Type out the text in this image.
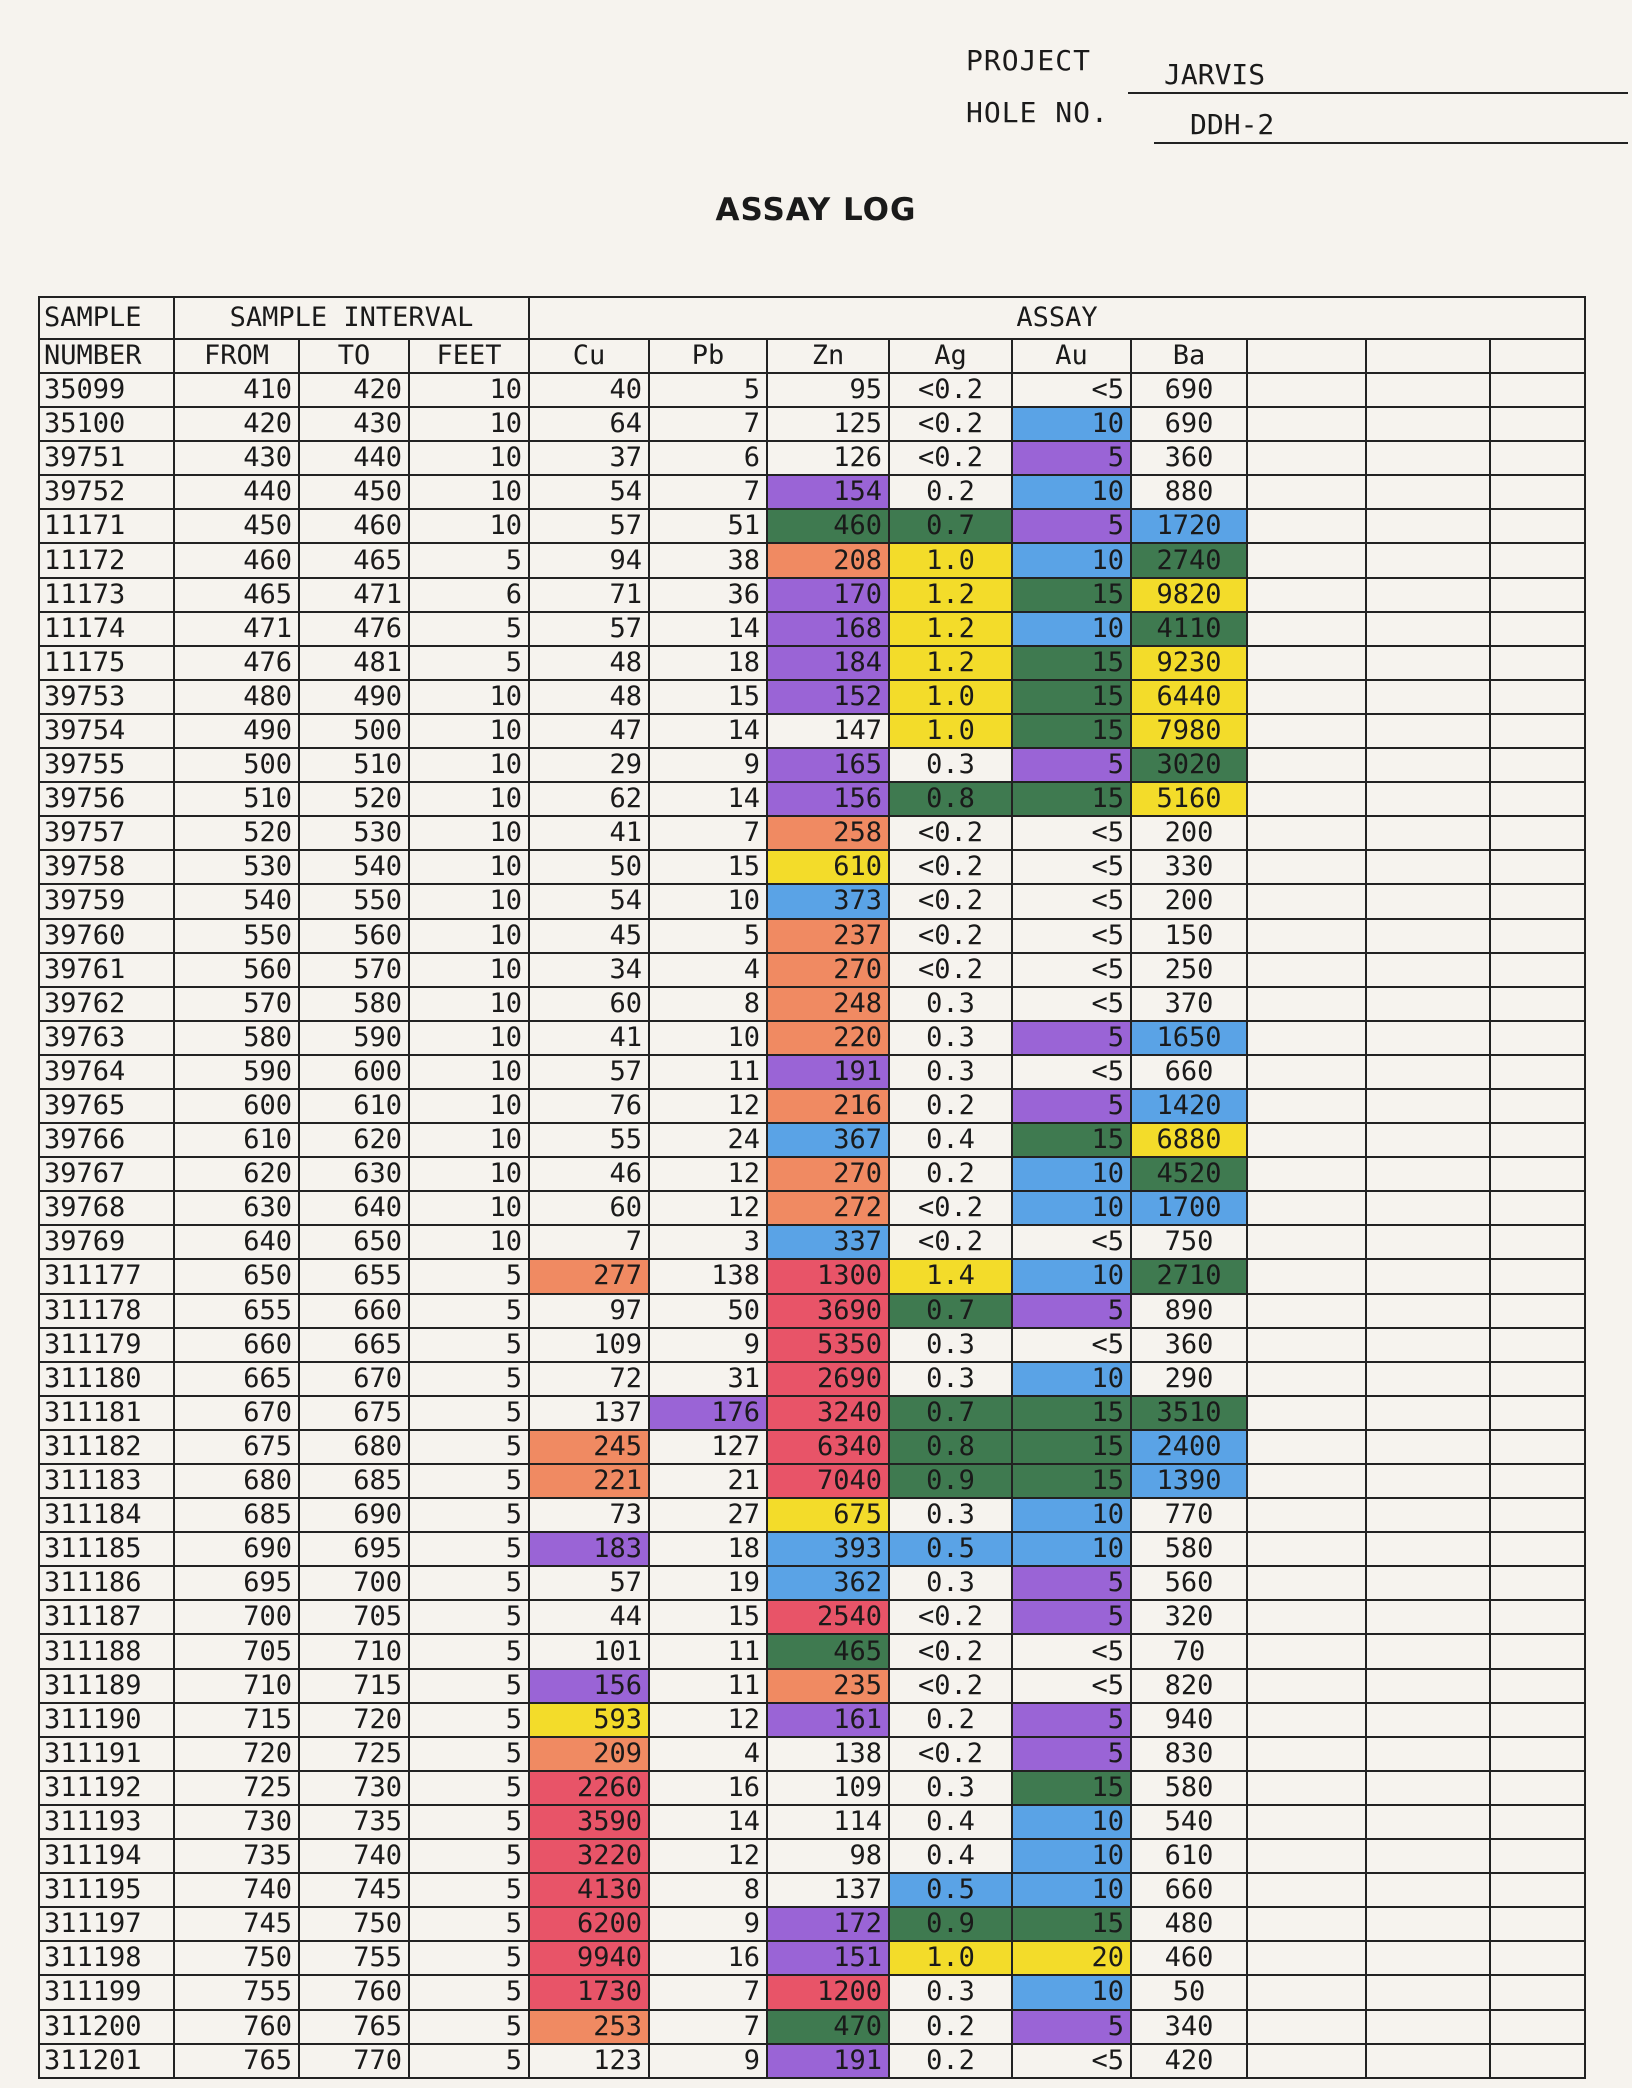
PROJECT	JARVIS
HOLE NO.	DDH-2
ASSAY LOG
SAMPLE	SAMPLE INTERVAL			ASSAY								
NUMBER	FROM	TO	FEET	Cu	Pb	Zn	Ag	Au	Ba			
35099	410	420	10	40	5	95	<0.2	<5	690			
35100	420	430	10	64	7	125	<0.2	10	690			
39751	430	440	10	37	6	126	<0.2	5	360			
39752	440	450	10	54	7	154	0.2	10	880			
11171	450	460	10	57	51	460	0.7	5	1720			
11172	460	465	5	94	38	208	1.0	10	2740			
11173	465	471	6	71	36	170	1.2	15	9820			
11174	471	476	5	57	14	168	1.2	10	4110			
11175	476	481	5	48	18	184	1.2	15	9230			
39753	480	490	10	48	15	152	1.0	15	6440			
39754	490	500	10	47	14	147	1.0	15	7980			
39755	500	510	10	29	9	165	0.3	5	3020			
39756	510	520	10	62	14	156	0.8	15	5160			
39757	520	530	10	41	7	258	<0.2	<5	200			
39758	530	540	10	50	15	610	<0.2	<5	330			
39759	540	550	10	54	10	373	<0.2	<5	200			
39760	550	560	10	45	5	237	<0.2	<5	150			
39761	560	570	10	34	4	270	<0.2	<5	250			
39762	570	580	10	60	8	248	0.3	<5	370			
39763	580	590	10	41	10	220	0.3	5	1650			
39764	590	600	10	57	11	191	0.3	<5	660			
39765	600	610	10	76	12	216	0.2	5	1420			
39766	610	620	10	55	24	367	0.4	15	6880			
39767	620	630	10	46	12	270	0.2	10	4520			
39768	630	640	10	60	12	272	<0.2	10	1700			
39769	640	650	10	7	3	337	<0.2	<5	750			
311177	650	655	5	277	138	1300	1.4	10	2710			
311178	655	660	5	97	50	3690	0.7	5	890			
311179	660	665	5	109	9	5350	0.3	<5	360			
311180	665	670	5	72	31	2690	0.3	10	290			
311181	670	675	5	137	176	3240	0.7	15	3510			
311182	675	680	5	245	127	6340	0.8	15	2400			
311183	680	685	5	221	21	7040	0.9	15	1390			
311184	685	690	5	73	27	675	0.3	10	770			
311185	690	695	5	183	18	393	0.5	10	580			
311186	695	700	5	57	19	362	0.3	5	560			
311187	700	705	5	44	15	2540	<0.2	5	320			
311188	705	710	5	101	11	465	<0.2	<5	70			
311189	710	715	5	156	11	235	<0.2	<5	820			
311190	715	720	5	593	12	161	0.2	5	940			
311191	720	725	5	209	4	138	<0.2	5	830			
311192	725	730	5	2260	16	109	0.3	15	580			
311193	730	735	5	3590	14	114	0.4	10	540			
311194	735	740	5	3220	12	98	0.4	10	610			
311195	740	745	5	4130	8	137	0.5	10	660			
311197	745	750	5	6200	9	172	0.9	15	480			
311198	750	755	5	9940	16	151	1.0	20	460			
311199	755	760	5	1730	7	1200	0.3	10	50			
311200	760	765	5	253	7	470	0.2	5	340			
311201	765	770	5	123	9	191	0.2	<5	420			
